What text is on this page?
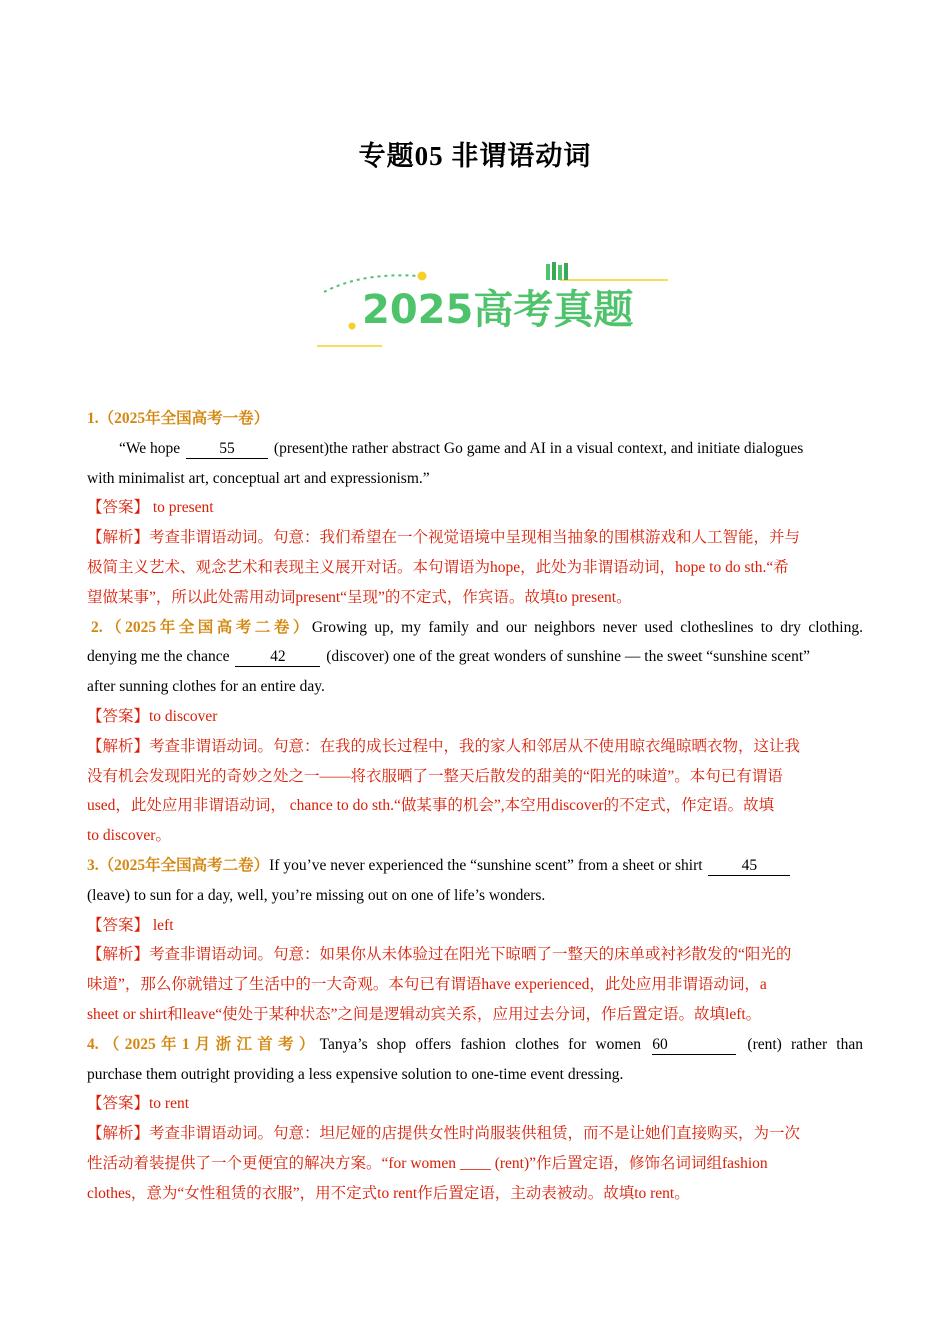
专题05 非谓语动词
2025高考真题
1.（2025年全国高考一卷）
“We hope 55 (present)the rather abstract Go game and AI in a visual context, and initiate dialogues
with minimalist art, conceptual art and expressionism.”
【答案】 to present
【解析】考查非谓语动词。句意：我们希望在一个视觉语境中呈现相当抽象的围棋游戏和人工智能，并与
极简主义艺术、观念艺术和表现主义展开对话。本句谓语为hope，此处为非谓语动词，hope to do sth.“希
望做某事”，所以此处需用动词present“呈现”的不定式，作宾语。故填to present。
2.（2025年全国高考二卷）Growing up, my family and our neighbors never used clotheslines to dry clothing.
denying me the chance 42 (discover) one of the great wonders of sunshine — the sweet “sunshine scent”
after sunning clothes for an entire day.
【答案】to discover
【解析】考查非谓语动词。句意：在我的成长过程中，我的家人和邻居从不使用晾衣绳晾晒衣物，这让我
没有机会发现阳光的奇妙之处之一——将衣服晒了一整天后散发的甜美的“阳光的味道”。本句已有谓语
used，此处应用非谓语动词， chance to do sth.“做某事的机会”,本空用discover的不定式，作定语。故填
to discover。
3.（2025年全国高考二卷）If you’ve never experienced the “sunshine scent” from a sheet or shirt 45
(leave) to sun for a day, well, you’re missing out on one of life’s wonders.
【答案】 left
【解析】考查非谓语动词。句意：如果你从未体验过在阳光下晾晒了一整天的床单或衬衫散发的“阳光的
味道”，那么你就错过了生活中的一大奇观。本句已有谓语have experienced，此处应用非谓语动词，a
sheet or shirt和leave“使处于某种状态”之间是逻辑动宾关系，应用过去分词，作后置定语。故填left。
4.（2025年1月浙江首考）Tanya’s shop offers fashion clothes for women 60	(rent) rather than
purchase them outright providing a less expensive solution to one-time event dressing.
【答案】to rent
【解析】考查非谓语动词。句意：坦尼娅的店提供女性时尚服装供租赁，而不是让她们直接购买，为一次
性活动着装提供了一个更便宜的解决方案。“for women ____ (rent)”作后置定语，修饰名词词组fashion
clothes，意为“女性租赁的衣服”，用不定式to rent作后置定语，主动表被动。故填to rent。
